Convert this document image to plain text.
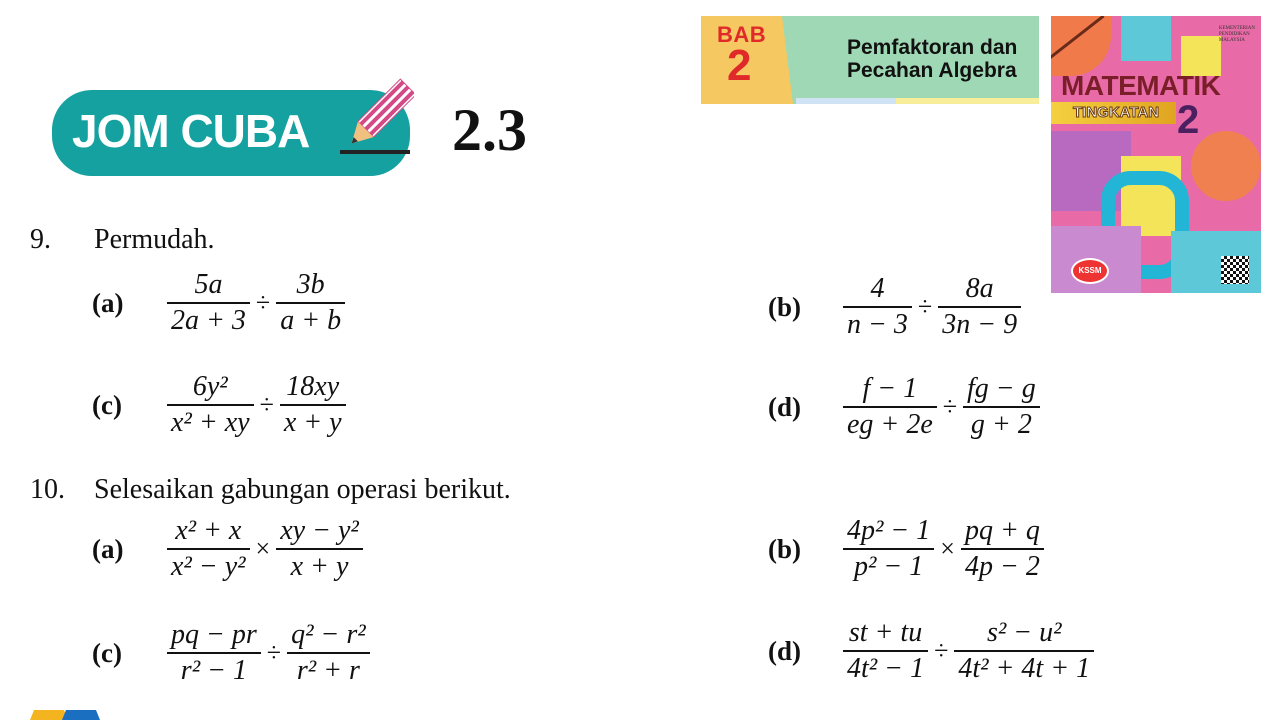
BAB
2	Pemfaktoran dan
Pecahan Algebra
KEMENTERIAN
PENDIDIKAN
MALAYSIA
MATEMATIK
TINGKATAN 2
KSSM
JOM CUBA 2.3
9. Permudah.
(a)	$\frac{5a}{2a + 3} \div \frac{3b}{a + b}$	(b)	$\frac{4}{n - 3} \div \frac{8a}{3n - 9}$
(c)	$\frac{\text{6y²}}{\text{x² + xy}} \div \frac{18xy}{x + y}$	(d)	$\frac{f - 1}{eg + 2e} \div \frac{fg - g}{g + 2}$
10. Selesaikan gabungan operasi berikut.
(a)	$\frac{\text{x² + x}}{\text{x² − y²}} \times \frac{\text{xy − y²}}{x + y}$	(b)	$\frac{\text{4p² − 1}}{\text{p² − 1}} \times \frac{pq + q}{4p - 2}$
(c)	$\frac{pq - pr}{\text{r² − 1}} \div \frac{\text{q² − r²}}{\text{r² + r}}$	(d)	$\frac{st + tu}{\text{4t² − 1}} \div \frac{\text{s² − u²}}{\text{4t² + 4t + 1}}$
